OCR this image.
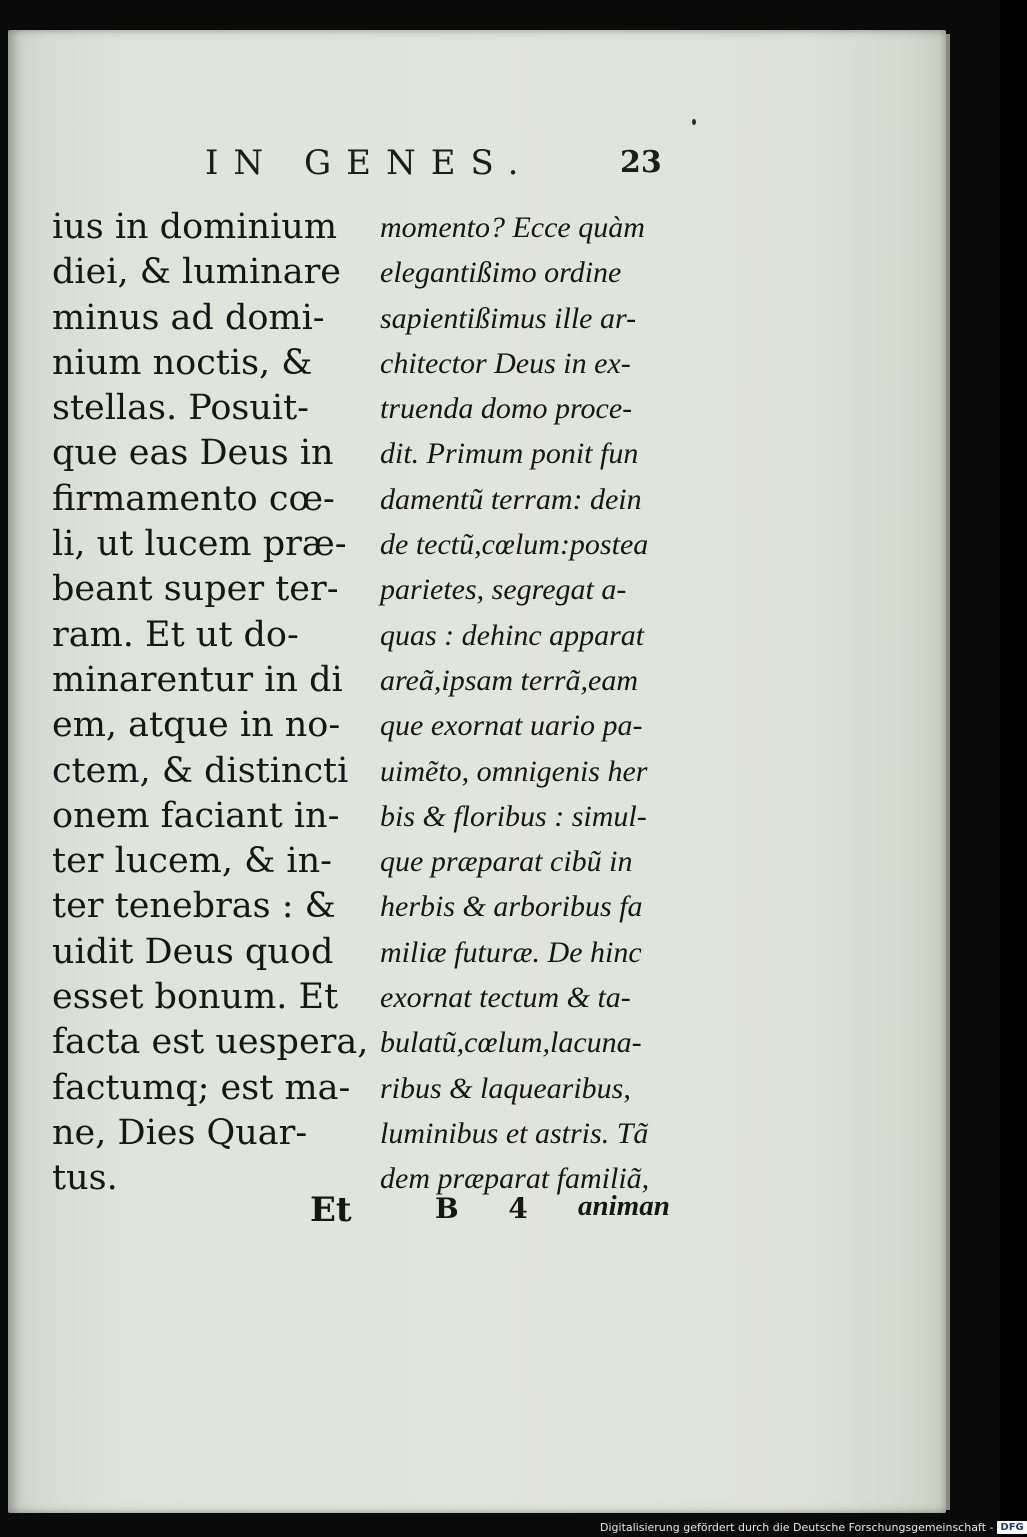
IN GENES.	23
ius in dominium
diei, & luminare
minus ad domi-
nium noctis, &
stellas. Posuit-
que eas Deus in
firmamento cœ-
li, ut lucem præ-
beant super ter-
ram. Et ut do-
minarentur in di
em, atque in no-
ctem, & distincti
onem faciant in-
ter lucem, & in-
ter tenebras : &
uidit Deus quod
esset bonum. Et
facta est uespera,
factumq; est ma-
ne, Dies Quar-
tus.
momento? Ecce quàm
elegantißimo ordine
sapientißimus ille ar-
chitector Deus in ex-
truenda domo proce-
dit. Primum ponit fun
damentũ terram: dein
de tectũ,cœlum:postea
parietes, segregat a-
quas : dehinc apparat
areã,ipsam terrã,eam
que exornat uario pa-
uimẽto, omnigenis her
bis & floribus : simul-
que præparat cibũ in
herbis & arboribus fa
miliæ futuræ. De hinc
exornat tectum & ta-
bulatũ,cœlum,lacuna-
ribus & laquearibus,
luminibus et astris. Tã
dem præparat familiã,
Et	B 4 animan
Digitalisierung gefördert durch die Deutsche Forschungsgemeinschaft - DFG
